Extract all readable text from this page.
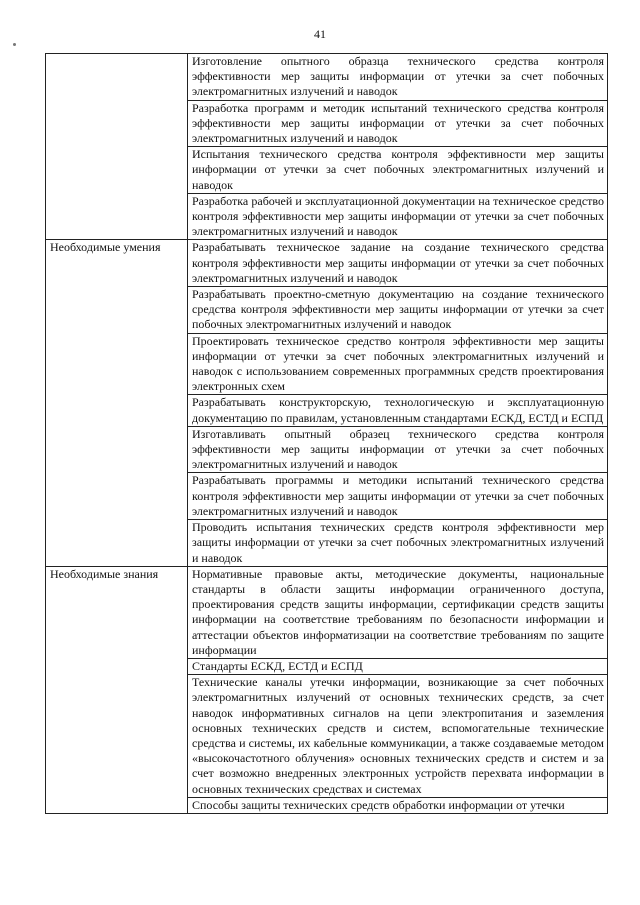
41
	Изготовление опытного образца технического средства контроля эффективности мер защиты информации от утечки за счет побочных электромагнитных излучений и наводок
	Разработка программ и методик испытаний технического средства контроля эффективности мер защиты информации от утечки за счет побочных электромагнитных излучений и наводок
	Испытания технического средства контроля эффективности мер защиты информации от утечки за счет побочных электромагнитных излучений и наводок
	Разработка рабочей и эксплуатационной документации на техническое средство контроля эффективности мер защиты информации от утечки за счет побочных электромагнитных излучений и наводок
Необходимые умения	Разрабатывать техническое задание на создание технического средства контроля эффективности мер защиты информации от утечки за счет побочных электромагнитных излучений и наводок
	Разрабатывать проектно-сметную документацию на создание технического средства контроля эффективности мер защиты информации от утечки за счет побочных электромагнитных излучений и наводок
	Проектировать техническое средство контроля эффективности мер защиты информации от утечки за счет побочных электромагнитных излучений и наводок с использованием современных программных средств проектирования электронных схем
	Разрабатывать конструкторскую, технологическую и эксплуатационную документацию по правилам, установленным стандартами ЕСКД, ЕСТД и ЕСПД
	Изготавливать опытный образец технического средства контроля эффективности мер защиты информации от утечки за счет побочных электромагнитных излучений и наводок
	Разрабатывать программы и методики испытаний технического средства контроля эффективности мер защиты информации от утечки за счет побочных электромагнитных излучений и наводок
	Проводить испытания технических средств контроля эффективности мер защиты информации от утечки за счет побочных электромагнитных излучений и наводок
Необходимые знания	Нормативные правовые акты, методические документы, национальные стандарты в области защиты информации ограниченного доступа, проектирования средств защиты информации, сертификации средств защиты информации на соответствие требованиям по безопасности информации и аттестации объектов информатизации на соответствие требованиям по защите информации
	Стандарты ЕСКД, ЕСТД и ЕСПД
	Технические каналы утечки информации, возникающие за счет побочных электромагнитных излучений от основных технических средств, за счет наводок информативных сигналов на цепи электропитания и заземления основных технических средств и систем, вспомогательные технические средства и системы, их кабельные коммуникации, а также создаваемые методом «высокочастотного облучения» основных технических средств и систем и за счет возможно внедренных электронных устройств перехвата информации в основных технических средствах и системах
	Способы защиты технических средств обработки информации от утечки
